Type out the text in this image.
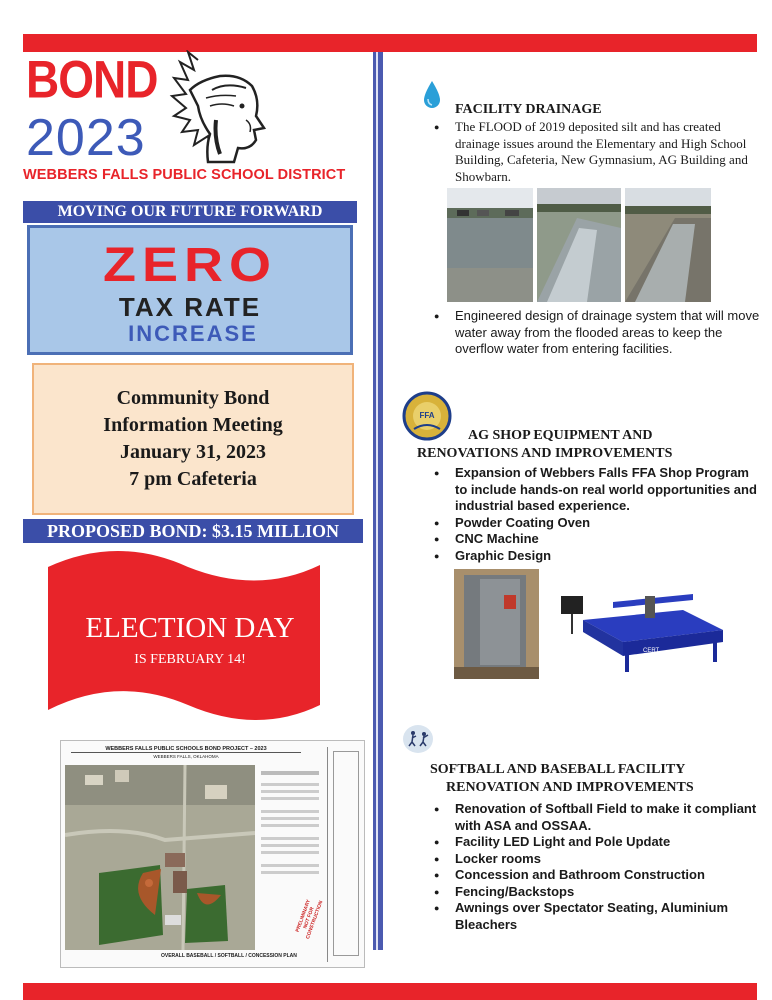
BOND
2023
WEBBERS FALLS PUBLIC SCHOOL DISTRICT
MOVING OUR FUTURE FORWARD
ZERO
TAX RATE
INCREASE
Community Bond
Information Meeting
January 31, 2023
7 pm Cafeteria
PROPOSED BOND: $3.15 MILLION
ELECTION DAY
IS FEBRUARY 14!
WEBBERS FALLS PUBLIC SCHOOLS BOND PROJECT – 2023
WEBBERS FALLS, OKLAHOMA
PRELIMINARY NOT FOR CONSTRUCTION
OVERALL BASEBALL / SOFTBALL / CONCESSION PLAN
FACILITY DRAINAGE
● The FLOOD of 2019 deposited silt and has created drainage issues around the Elementary and High School Building, Cafeteria, New Gymnasium, AG Building and Showbarn.
● Engineered design of drainage system that will move water away from the flooded areas to keep the overflow water from entering facilities.
FFA
AG SHOP EQUIPMENT AND
RENOVATIONS AND IMPROVEMENTS
● Expansion of Webbers Falls FFA Shop Program to include hands-on real world opportunities and industrial based experience.
● Powder Coating Oven
● CNC Machine
● Graphic Design
CERT
SOFTBALL AND BASEBALL FACILITY
RENOVATION AND IMPROVEMENTS
● Renovation of Softball Field to make it compliant with ASA and OSSAA.
● Facility LED Light and Pole Update
● Locker rooms
● Concession and Bathroom Construction
● Fencing/Backstops
● Awnings over Spectator Seating, Aluminium Bleachers
